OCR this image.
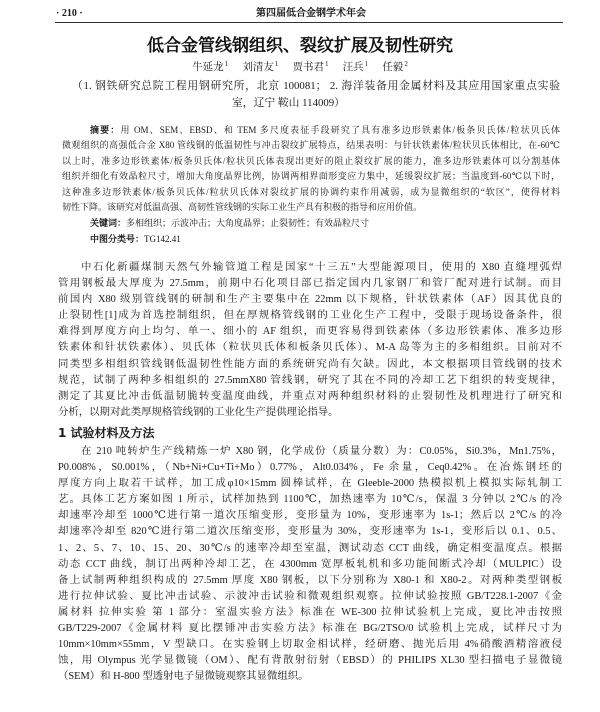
· 210 ·	第四届低合金钢学术年会
低合金管线钢组织、裂纹扩展及韧性研究
牛延龙$^1$ 刘清友$^1$ 贾书君$^1$ 汪兵$^1$ 任毅$^2$
（1. 钢铁研究总院工程用钢研究所，北京 100081； 2. 海洋装备用金属材料及其应用国家重点实验
室，辽宁 鞍山 114009）
摘要：用 OM、SEM、EBSD、和 TEM 多尺度表征手段研究了具有准多边形铁素体/板条贝氏体/粒状贝氏体
微观组织的高强低合金 X80 管线钢的低温韧性与冲击裂纹扩展特点，结果表明：与针状铁素体/粒状贝氏体相比，在-60℃
以上时，准多边形铁素体/板条贝氏体/粒状贝氏体表现出更好的阻止裂纹扩展的能力，准多边形铁素体可以分割基体
组织并细化有效晶粒尺寸，增加大角度晶界比例，协调两相界面形变应力集中，延缓裂纹扩展；当温度到-60℃以下时，
这种准多边形铁素体/板条贝氏体/粒状贝氏体对裂纹扩展的协调约束作用减弱，成为显微组织的“软区”，使得材料
韧性下降。该研究对低温高强、高韧性管线钢的实际工业生产具有积极的指导和应用价值。
关键词：多相组织；示波冲击；大角度晶界；止裂韧性；有效晶粒尺寸
中图分类号：TG142.41
中石化新疆煤制天然气外输管道工程是国家“十三五”大型能源项目，使用的 X80 直缝埋弧焊
管用钢板最大厚度为 27.5mm，前期中石化项目部已指定国内几家钢厂和管厂配对进行试制。而目
前国内 X80 级别管线钢的研制和生产主要集中在 22mm 以下规格，针状铁素体（AF）因其优良的
止裂韧性[1]成为首选控制组织，但在厚规格管线钢的工业化生产工程中，受限于现场设备条件，很
难得到厚度方向上均匀、单一、细小的 AF 组织，而更容易得到铁素体（多边形铁素体、准多边形
铁素体和针状铁素体）、贝氏体（粒状贝氏体和板条贝氏体）、M-A 岛等为主的多相组织。目前对不
同类型多相组织管线钢低温韧性性能方面的系统研究尚有欠缺。因此，本文根据项目管线钢的技术
规范，试制了两种多相组织的 27.5mmX80 管线钢，研究了其在不同的冷却工艺下组织的转变规律，
测定了其夏比冲击低温韧脆转变温度曲线，并重点对两种组织材料的止裂韧性及机理进行了研究和
分析，以期对此类厚规格管线钢的工业化生产提供理论指导。
1 试验材料及方法
在 210 吨转炉生产线精炼一炉 X80 钢，化学成份（质量分数）为：C0.05%，Si0.3%，Mn1.75%，
P0.008%，S0.001%，（Nb+Ni+Cu+Ti+Mo）0.77%，Alt0.034%，Fe 余量，Ceq0.42%。在冶炼钢坯的
厚度方向上取若干试样，加工成φ10×15mm 圆棒试样，在 Gleeble-2000 热模拟机上模拟实际轧制工
艺。具体工艺方案如图 1 所示，试样加热到 1100℃，加热速率为 10℃/s，保温 3 分钟以 2℃/s 的冷
却速率冷却至 1000℃进行第一道次压缩变形，变形量为 10%，变形速率为 1s-1；然后以 2℃/s 的冷
却速率冷却至 820℃进行第二道次压缩变形，变形量为 30%，变形速率为 1s-1，变形后以 0.1、0.5、
1、2、5、7、10、15、20、30℃/s 的速率冷却至室温，测试动态 CCT 曲线，确定相变温度点。根据
动态 CCT 曲线，制订出两种冷却工艺，在 4300mm 宽厚板轧机和多功能间断式冷却（MULPIC）设
备上试制两种组织构成的 27.5mm 厚度 X80 钢板，以下分别称为 X80-1 和 X80-2。对两种类型钢板
进行拉伸试验、夏比冲击试验、示波冲击试验和微观组织观察。拉伸试验按照 GB/T228.1-2007《金
属材料 拉伸实验 第 1 部分：室温实验方法》标准在 WE-300 拉伸试验机上完成，夏比冲击按照
GB/T229-2007《金属材料 夏比摆锤冲击实验方法》标准在 BG/2TSO/0 试验机上完成，试样尺寸为
10mm×10mm×55mm，V 型缺口。在实验钢上切取金相试样，经研磨、抛光后用 4%硝酸酒精溶液侵
蚀，用 Olympus 光学显微镜（OM）、配有背散射衍射（EBSD）的 PHILIPS XL30 型扫描电子显微镜
（SEM）和 H-800 型透射电子显微镜观察其显微组织。
